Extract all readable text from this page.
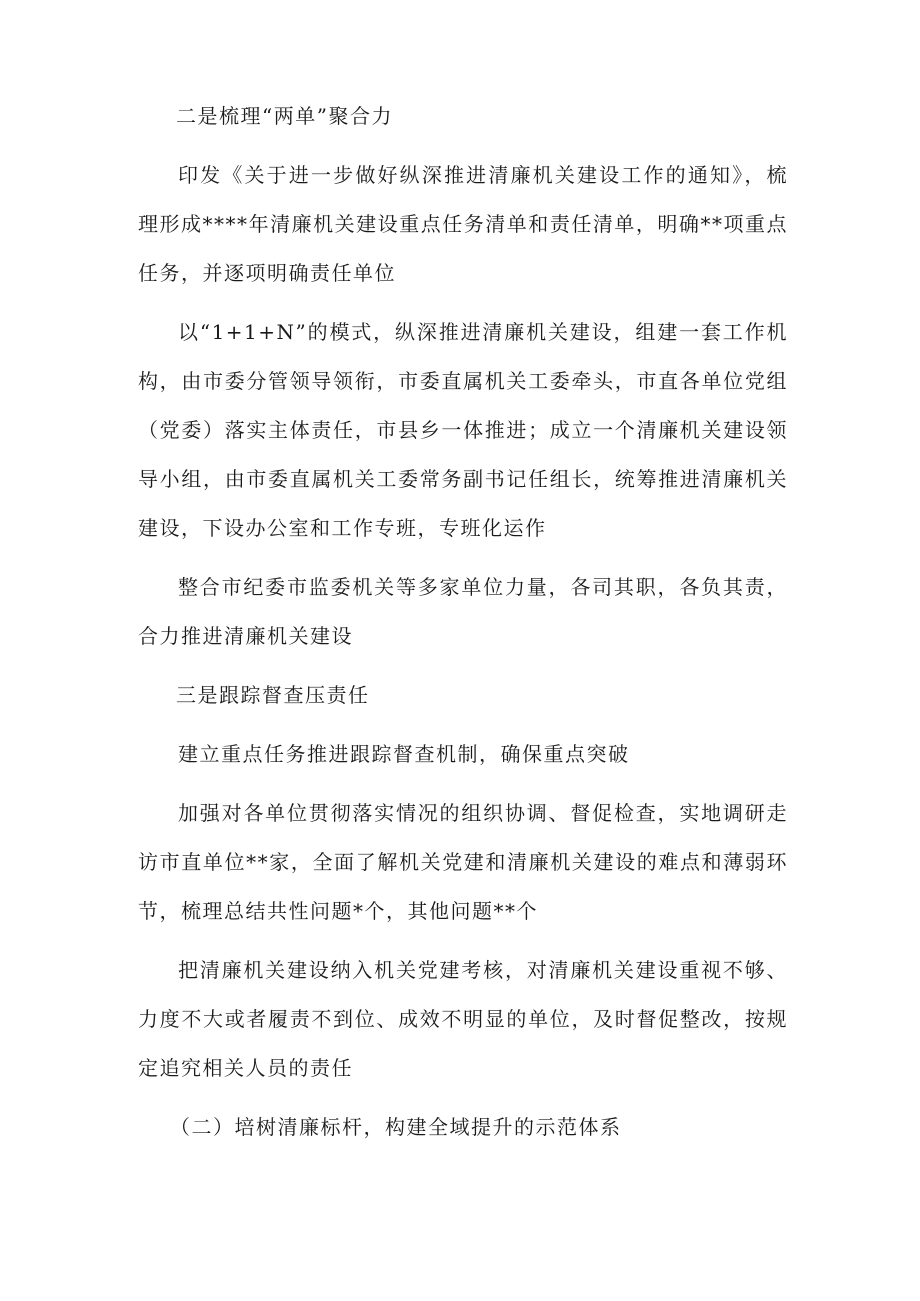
二是梳理“两单”聚合力

印发《关于进一步做好纵深推进清廉机关建设工作的通知》，梳理形成****年清廉机关建设重点任务清单和责任清单，明确**项重点任务，并逐项明确责任单位

以“1+1+N”的模式，纵深推进清廉机关建设，组建一套工作机构，由市委分管领导领衔，市委直属机关工委牵头，市直各单位党组（党委）落实主体责任，市县乡一体推进；成立一个清廉机关建设领导小组，由市委直属机关工委常务副书记任组长，统筹推进清廉机关建设，下设办公室和工作专班，专班化运作

整合市纪委市监委机关等多家单位力量，各司其职，各负其责，合力推进清廉机关建设

三是跟踪督查压责任

建立重点任务推进跟踪督查机制，确保重点突破

加强对各单位贯彻落实情况的组织协调、督促检查，实地调研走访市直单位**家，全面了解机关党建和清廉机关建设的难点和薄弱环节，梳理总结共性问题*个，其他问题**个

把清廉机关建设纳入机关党建考核，对清廉机关建设重视不够、力度不大或者履责不到位、成效不明显的单位，及时督促整改，按规定追究相关人员的责任

（二）培树清廉标杆，构建全域提升的示范体系
